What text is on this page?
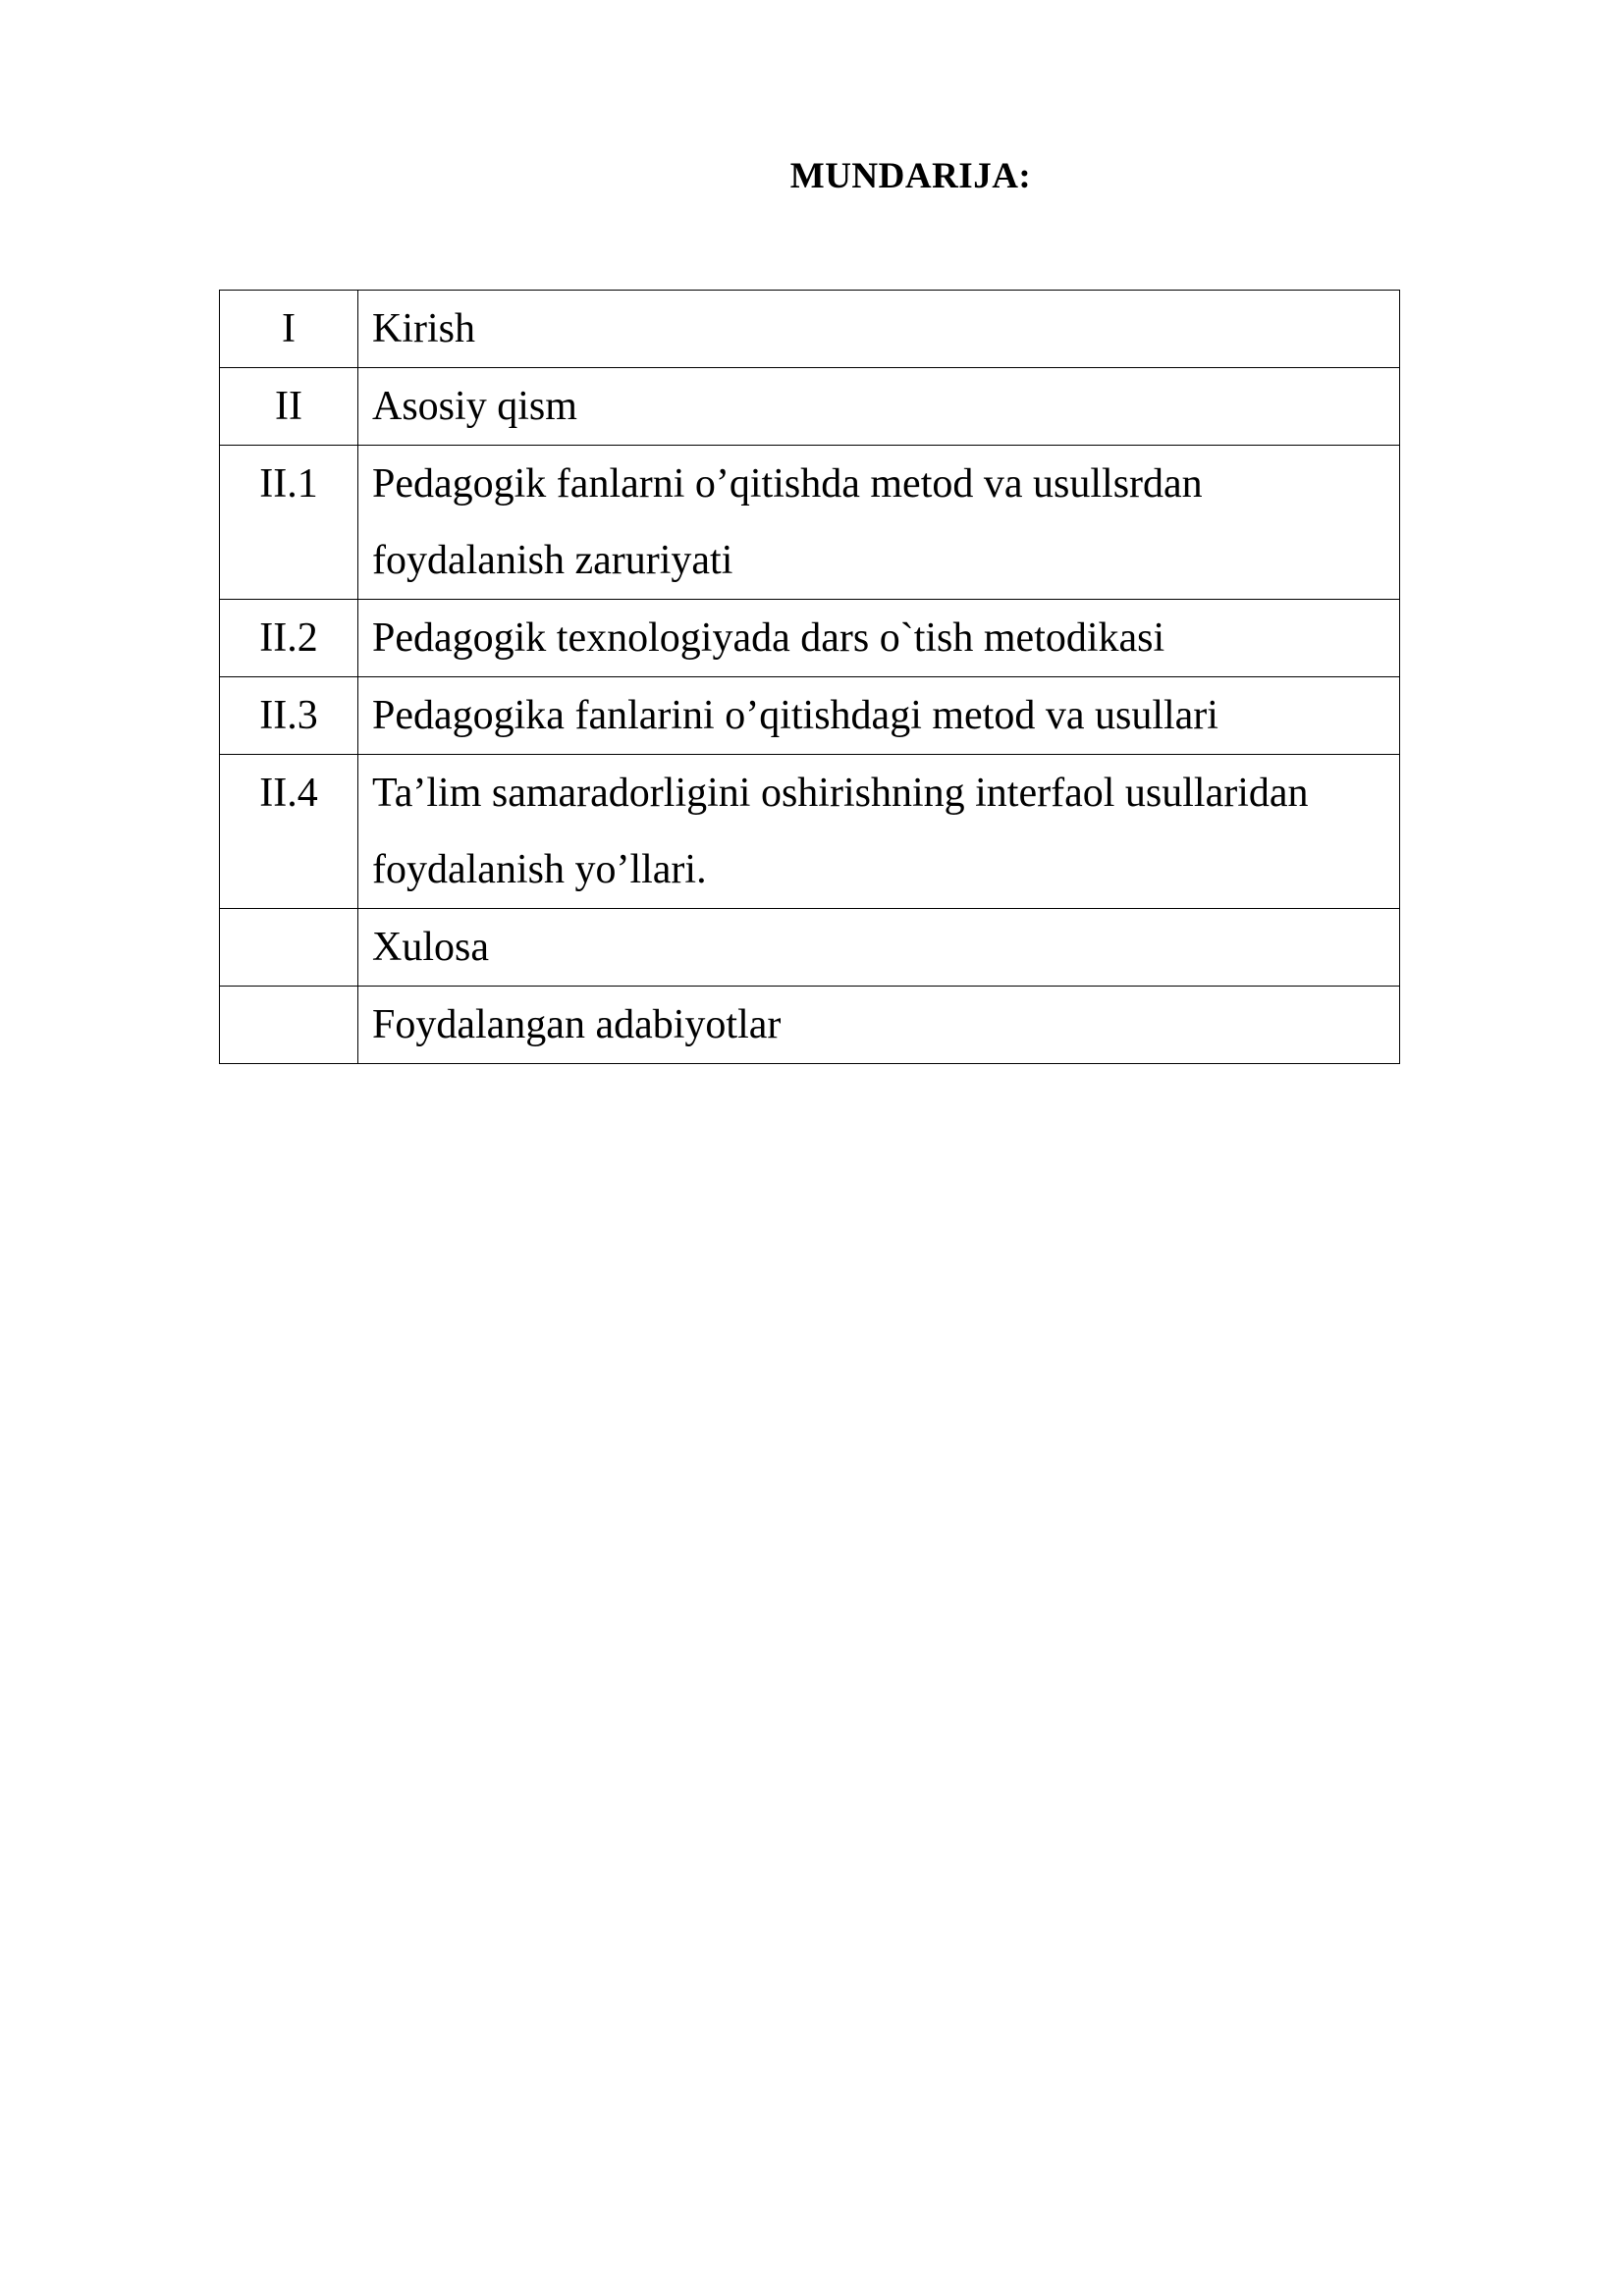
MUNDARIJA:
I	Kirish
II	Asosiy qism
II.1	Pedagogik fanlarni o’qitishda metod va usullsrdan foydalanish zaruriyati
II.2	Pedagogik texnologiyada dars o`tish metodikasi
II.3	Pedagogika fanlarini o’qitishdagi metod va usullari
II.4	Ta’lim samaradorligini oshirishning interfaol usullaridan foydalanish yo’llari.
	Xulosa
	Foydalangan adabiyotlar
